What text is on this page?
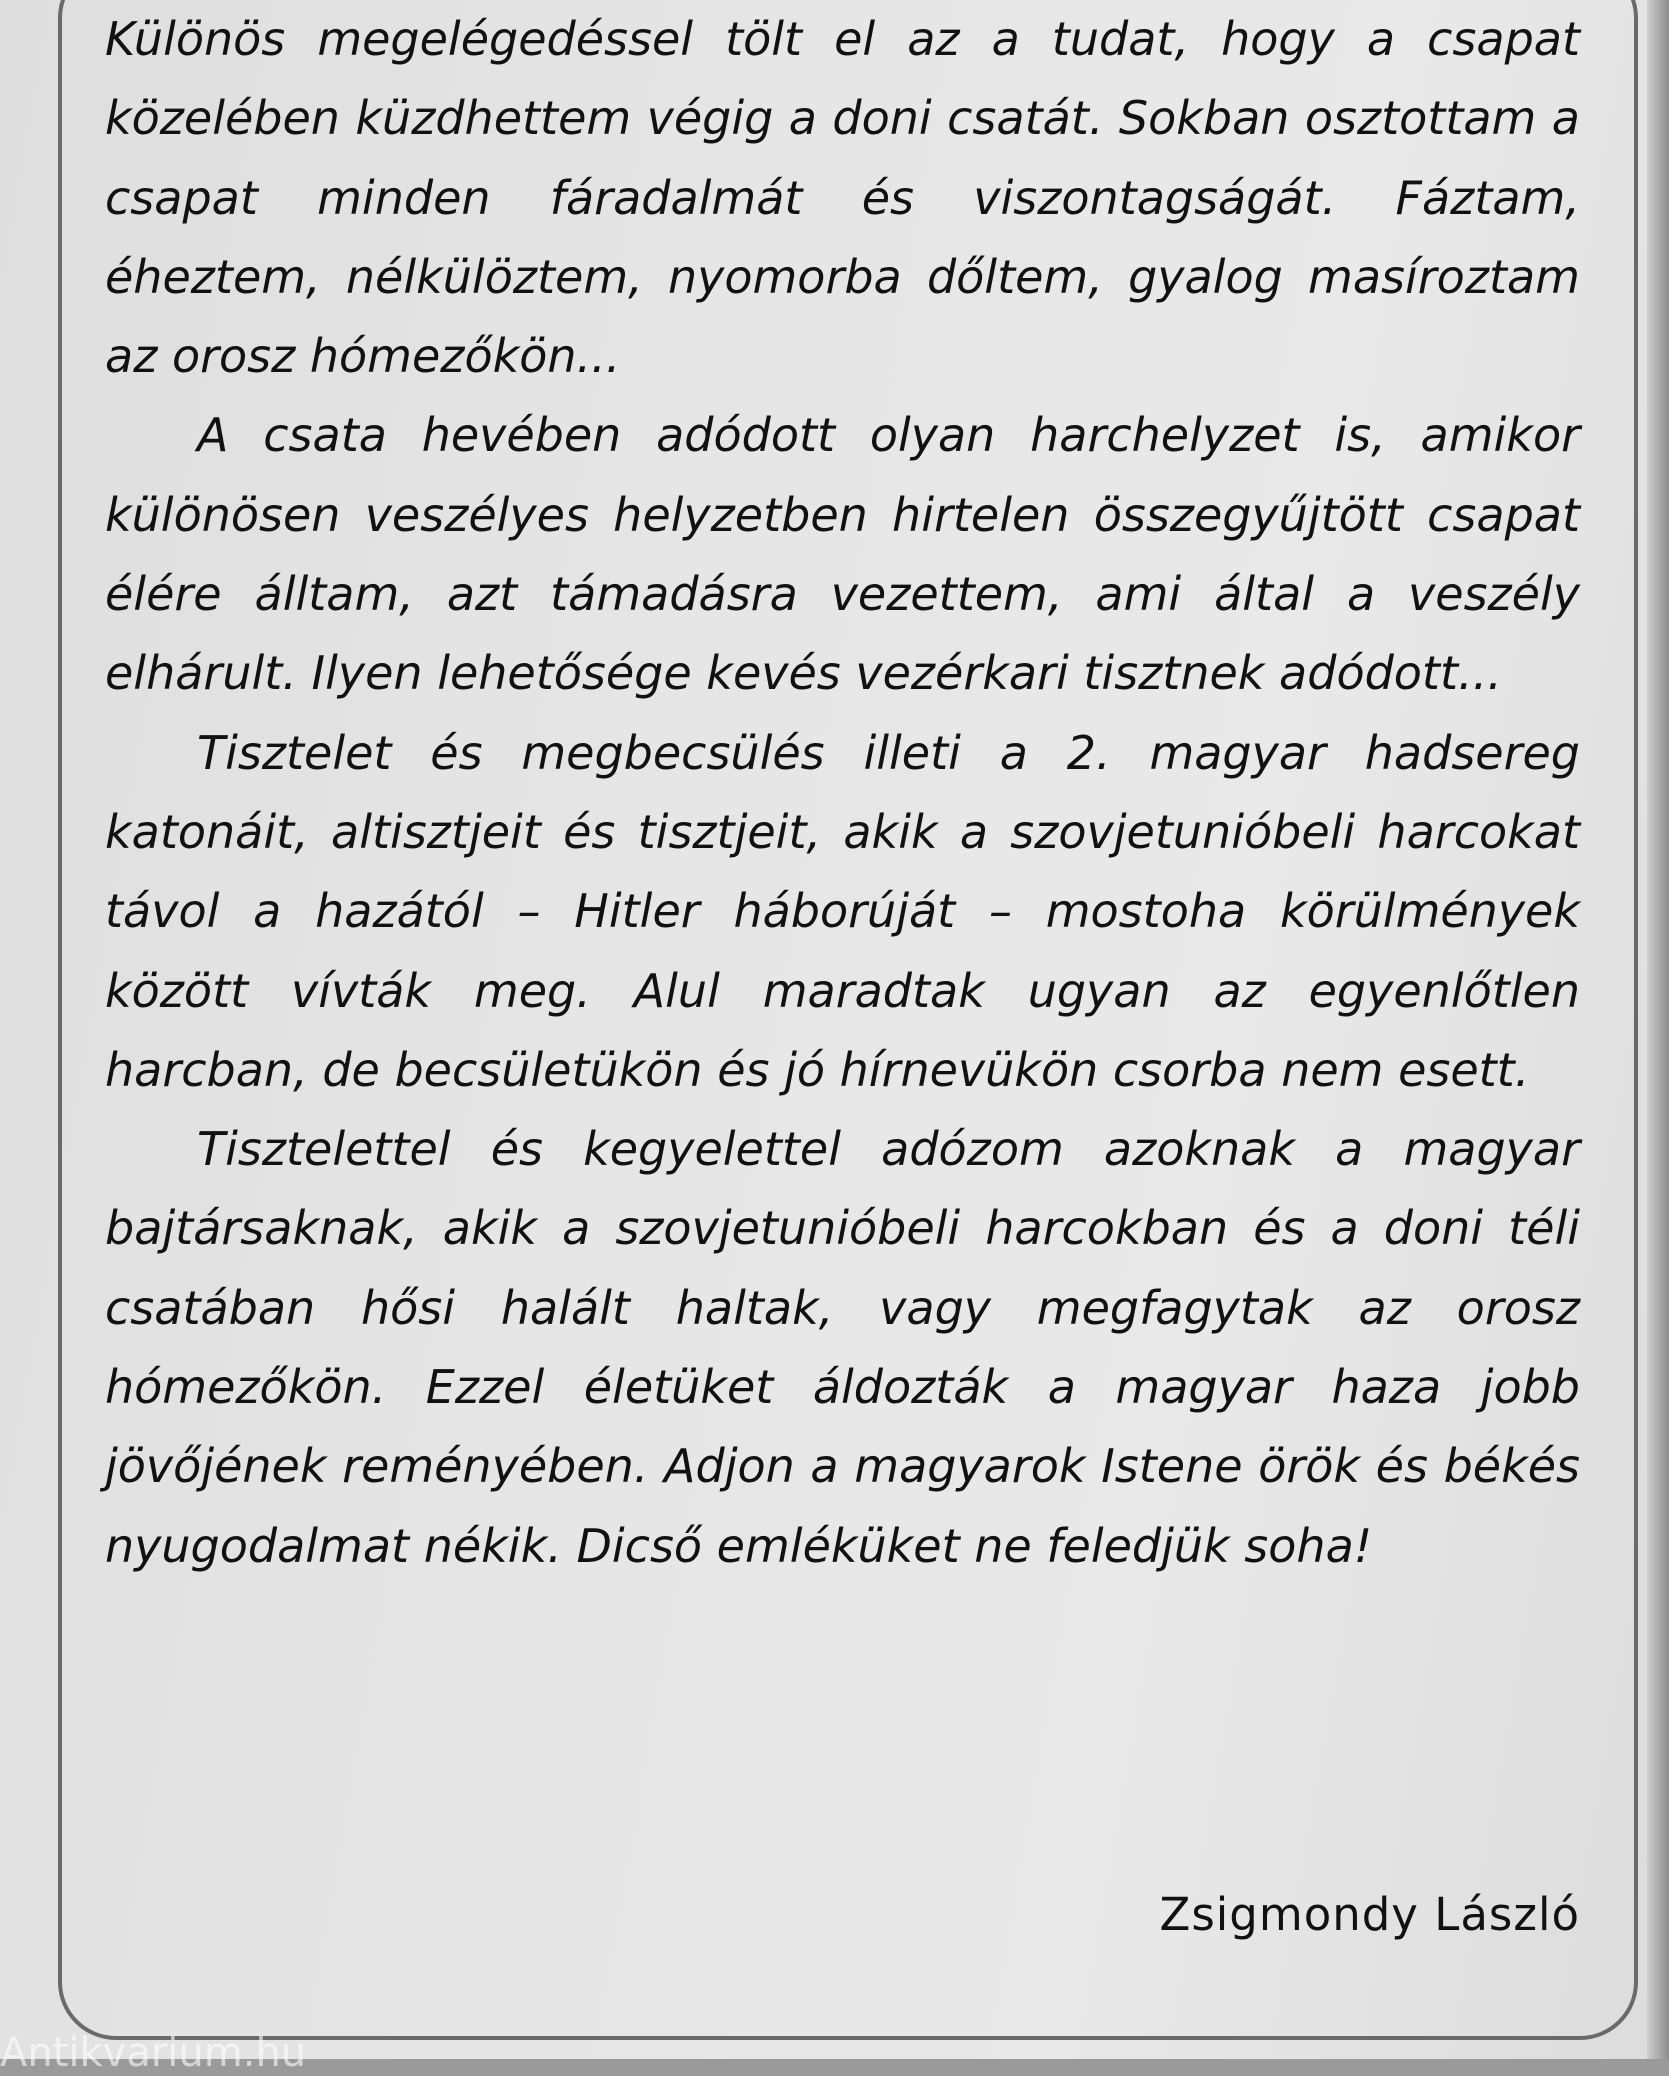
Különös megelégedéssel tölt el az a tudat, hogy a csapat közelében küzdhettem végig a doni csatát. Sokban osztottam a csapat minden fáradalmát és viszontagságát. Fáztam, éheztem, nélkülöztem, nyomorba dőltem, gyalog masíroztam az orosz hómezőkön...

A csata hevében adódott olyan harchelyzet is, amikor különösen veszélyes helyzetben hirtelen összegyűjtött csapat élére álltam, azt támadásra vezettem, ami által a veszély elhárult. Ilyen lehetősége kevés vezérkari tisztnek adódott...

Tisztelet és megbecsülés illeti a 2. magyar hadsereg katonáit, altisztjeit és tisztjeit, akik a szovjetunióbeli harcokat távol a hazától – Hitler háborúját – mostoha körülmények között vívták meg. Alul maradtak ugyan az egyenlőtlen harcban, de becsületükön és jó hírnevükön csorba nem esett.

Tisztelettel és kegyelettel adózom azoknak a magyar bajtársaknak, akik a szovjetunióbeli harcokban és a doni téli csatában hősi halált haltak, vagy megfagytak az orosz hómezőkön. Ezzel életüket áldozták a magyar haza jobb jövőjének reményében. Adjon a magyarok Istene örök és békés nyugodalmat nékik. Dicső emléküket ne feledjük soha!

Zsigmondy László
Antikvarium.hu
